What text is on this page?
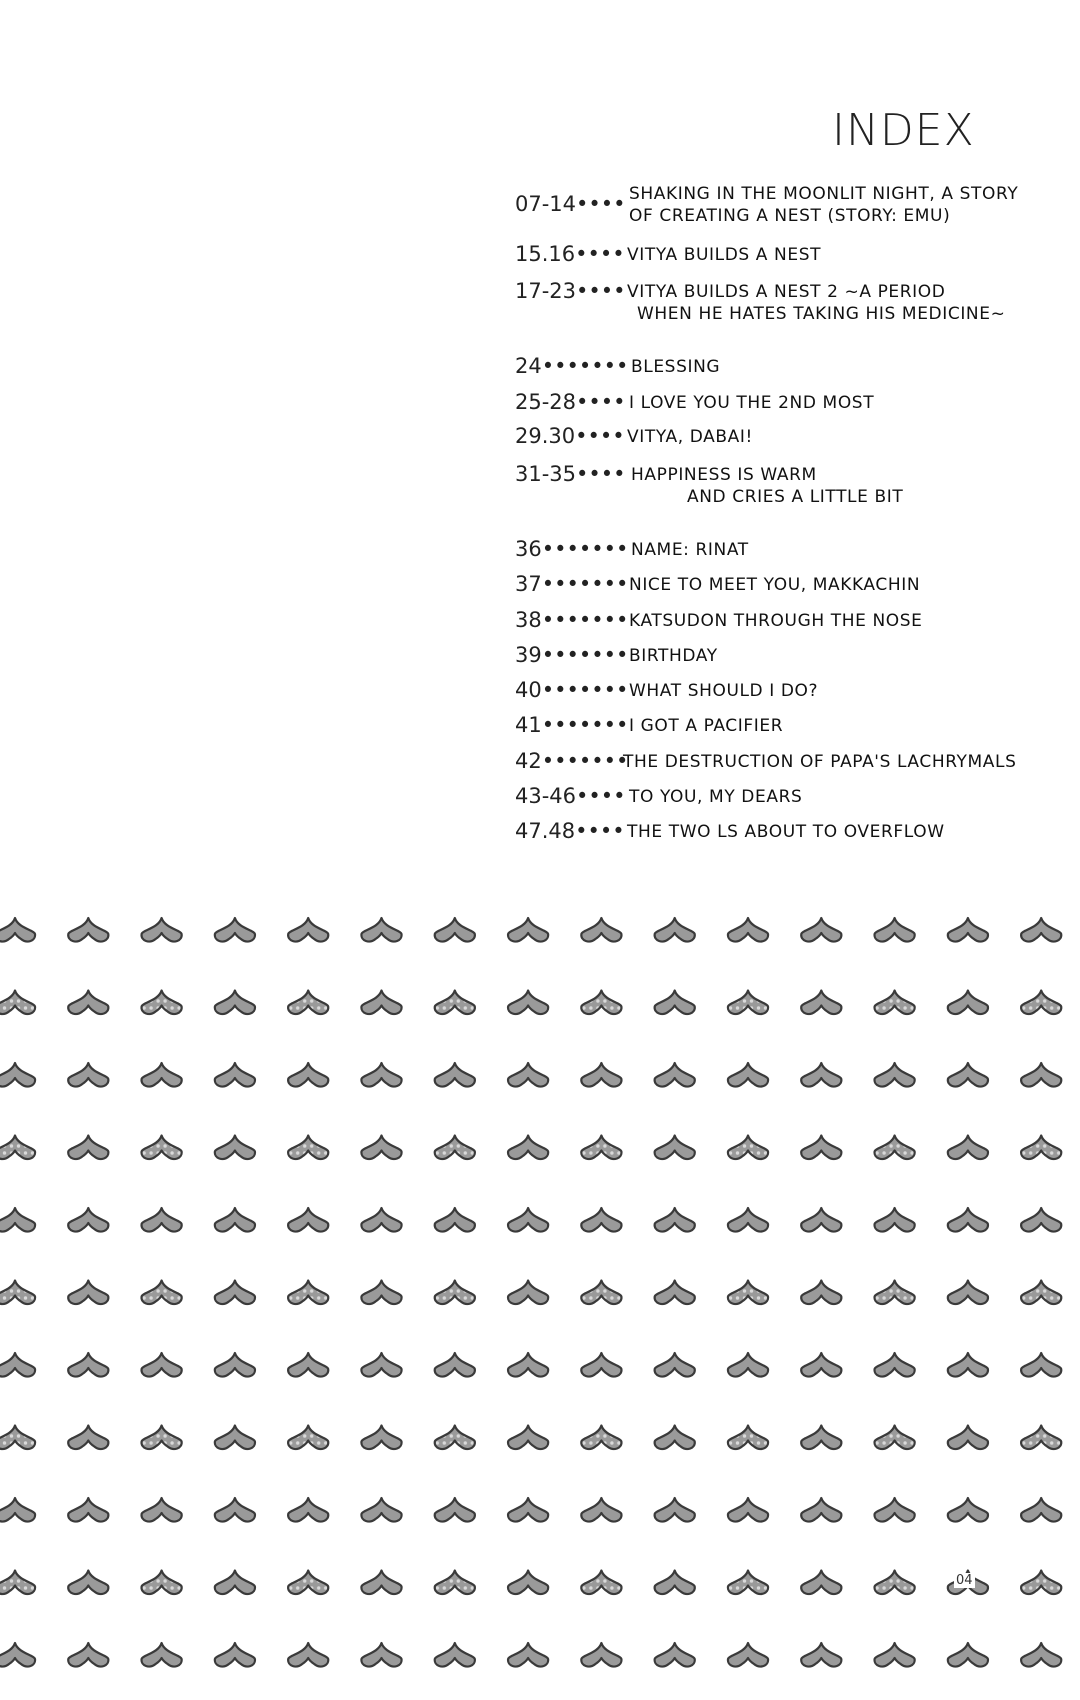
INDEX
07-14•••• SHAKING IN THE MOONLIT NIGHT, A STORY
OF CREATING A NEST (STORY: EMU)
15.16•••• VITYA BUILDS A NEST
17-23•••• VITYA BUILDS A NEST 2 ~A PERIOD
WHEN HE HATES TAKING HIS MEDICINE~
24••••••• BLESSING
25-28•••• I LOVE YOU THE 2ND MOST
29.30•••• VITYA, DABAI!
31-35•••• HAPPINESS IS WARM
AND CRIES A LITTLE BIT
36••••••• NAME: RINAT
37••••••• NICE TO MEET YOU, MAKKACHIN
38••••••• KATSUDON THROUGH THE NOSE
39••••••• BIRTHDAY
40••••••• WHAT SHOULD I DO?
41••••••• I GOT A PACIFIER
42•••••••
THE DESTRUCTION OF PAPA'S LACHRYMALS
43-46•••• TO YOU, MY DEARS
47.48•••• THE TWO LS ABOUT TO OVERFLOW
04
